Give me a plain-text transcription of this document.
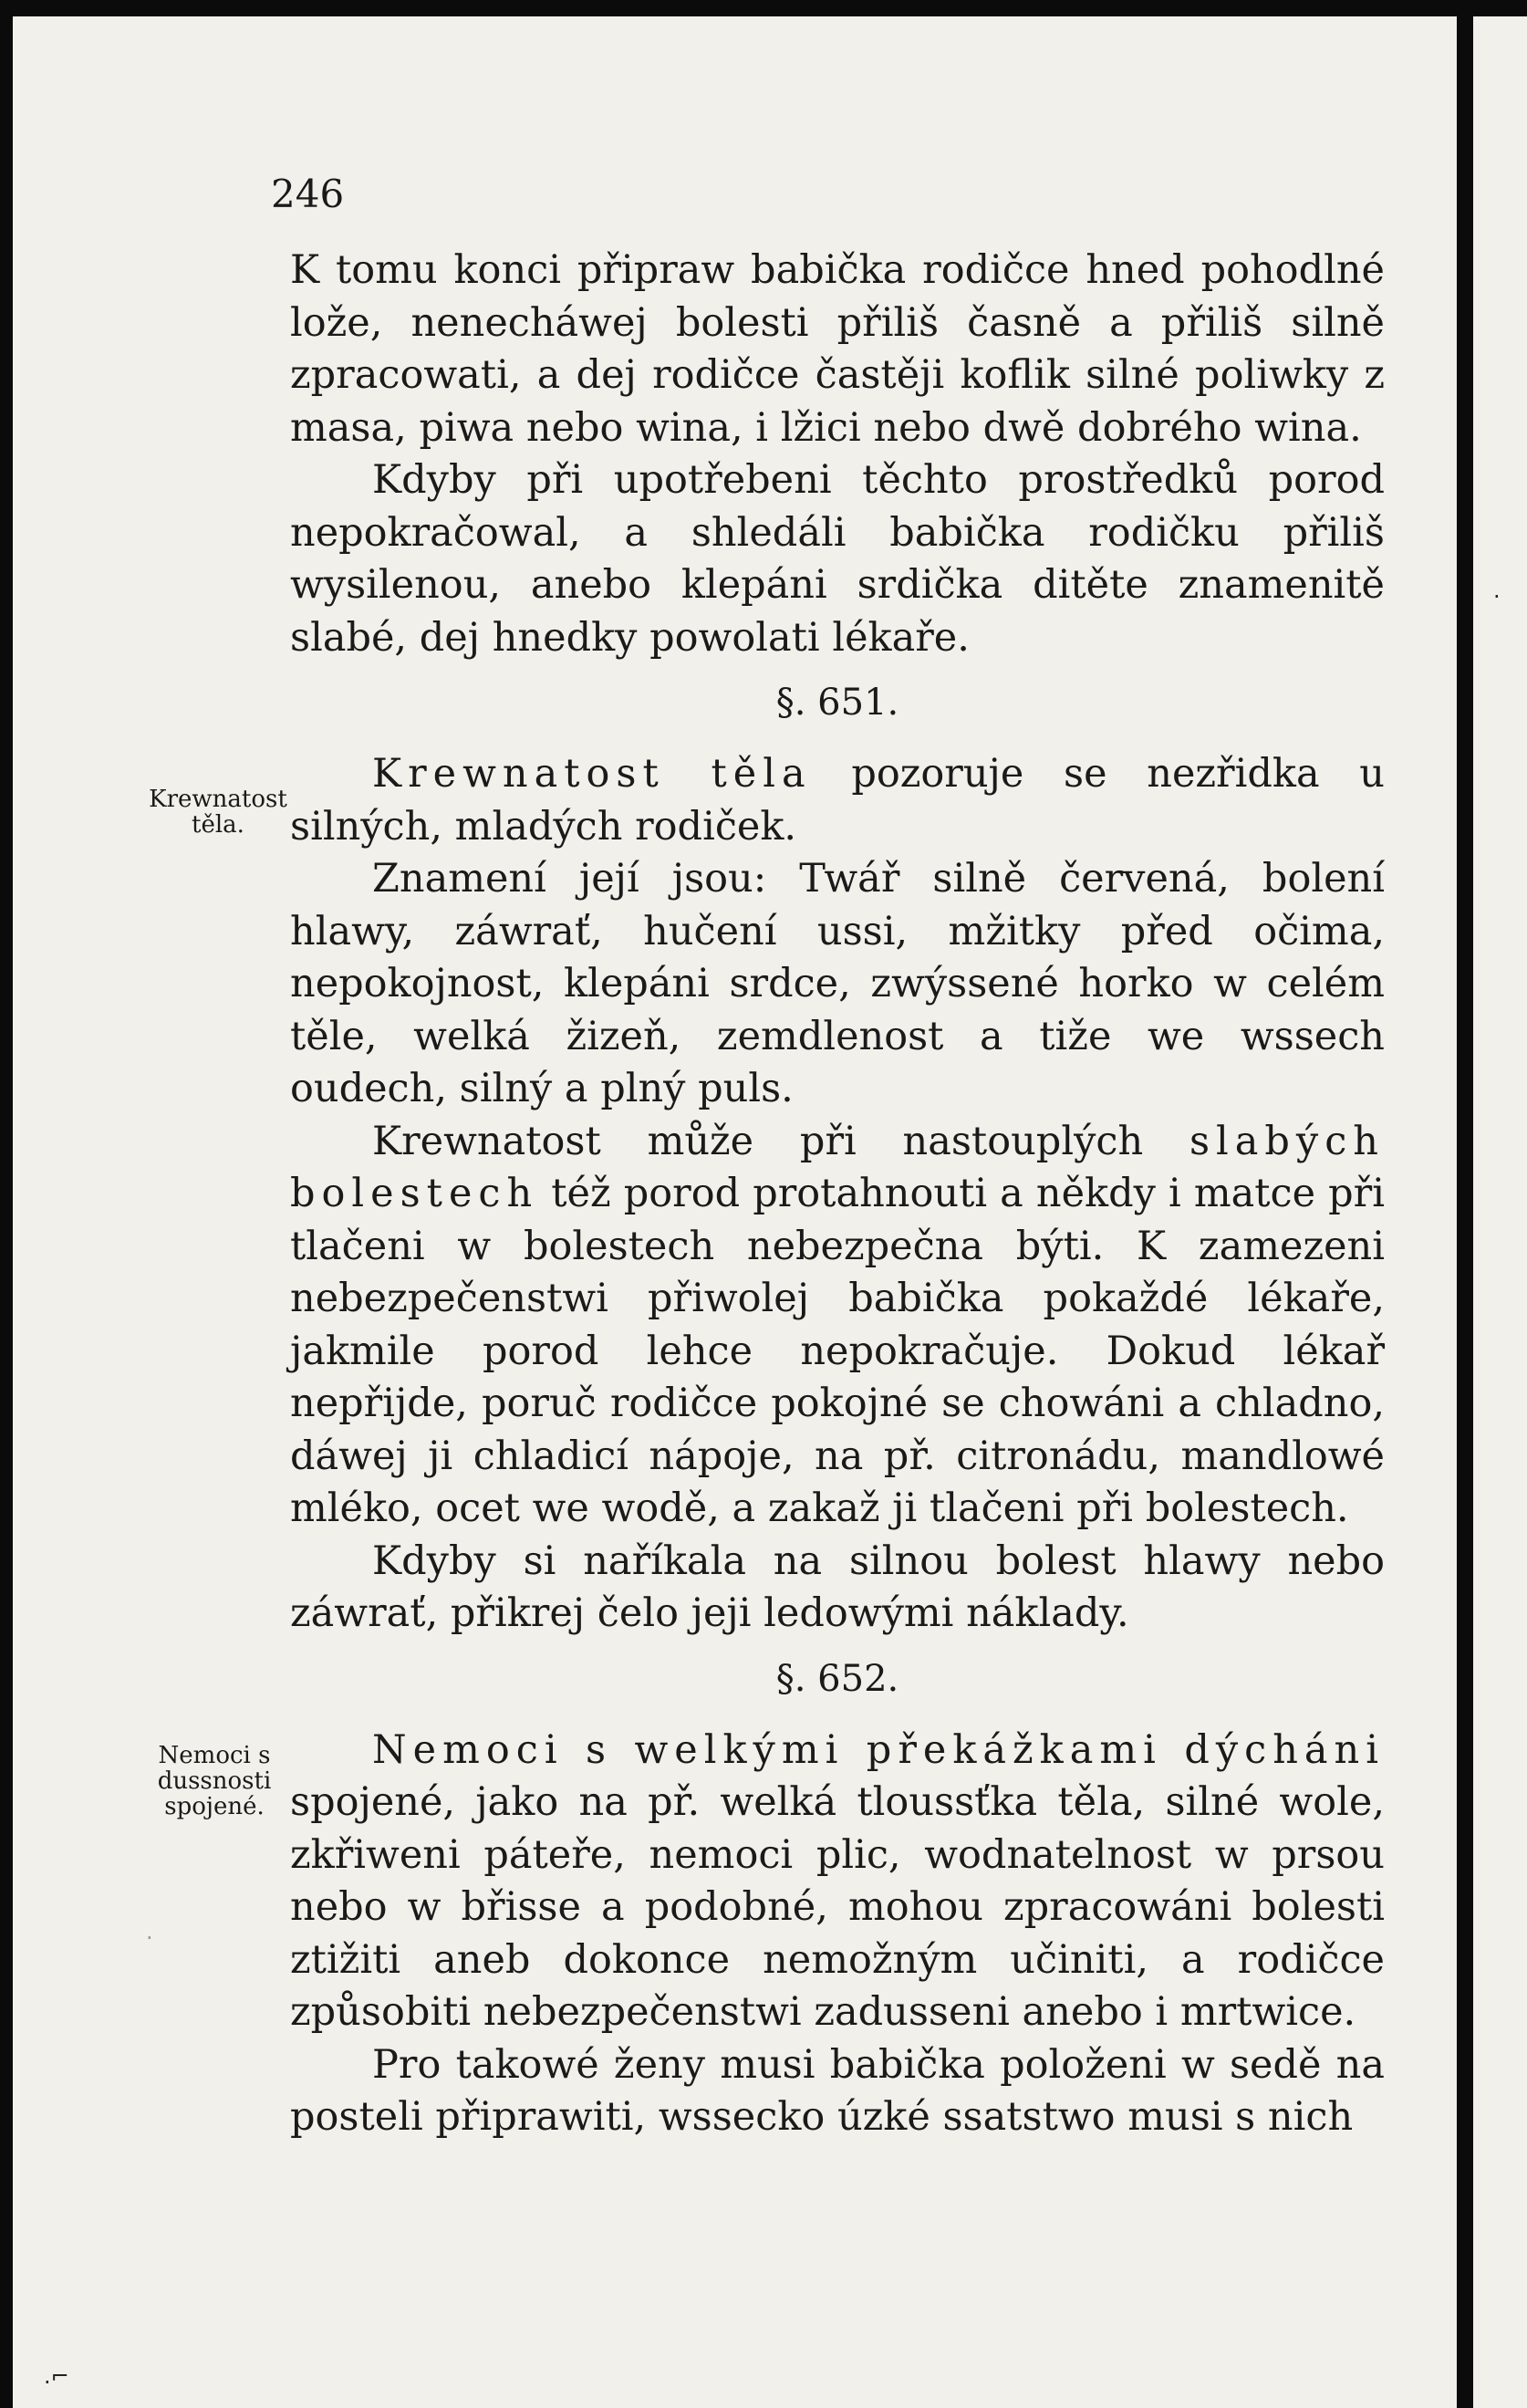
246

Krewnatost
těla.
Nemoci s
dussnosti
spojené.

K tomu konci připraw babička rodičce hned pohodlné lože, nenecháwej bolesti přiliš časně a přiliš silně zpracowati, a dej rodičce častěji koflik silné poliwky z masa, piwa nebo wina, i lžici nebo dwě dobrého wina.

Kdyby při upotřebeni těchto prostředků porod nepokračowal, a shledáli babička rodičku přiliš wysilenou, anebo klepáni srdička ditěte znamenitě slabé, dej hnedky powolati lékaře.

§. 651.

Krewnatost těla pozoruje se nezřidka u silných, mladých rodiček.

Znamení její jsou: Twář silně červená, bolení hlawy, záwrať, hučení ussi, mžitky před očima, nepokojnost, klepáni srdce, zwýssené horko w celém těle, welká žizeň, zemdlenost a tiže we wssech oudech, silný a plný puls.

Krewnatost může při nastouplých slabých bolestech též porod protahnouti a někdy i matce při tlačeni w bolestech nebezpečna býti. K zamezeni nebezpečenstwi přiwolej babička pokaždé lékaře, jakmile porod lehce nepokračuje. Dokud lékař nepřijde, poruč rodičce pokojné se chowáni a chladno, dáwej ji chladicí nápoje, na př. citronádu, mandlowé mléko, ocet we wodě, a zakaž ji tlačeni při bolestech.

Kdyby si naříkala na silnou bolest hlawy nebo záwrať, přikrej čelo jeji ledowými náklady.

§. 652.

Nemoci s welkými překážkami dýcháni spojené, jako na př. welká tloussťka těla, silné wole, zkřiweni páteře, nemoci plic, wodnatelnost w prsou nebo w břisse a podobné, mohou zpracowáni bolesti ztižiti aneb dokonce nemožným učiniti, a rodičce způsobiti nebezpečenstwi zadusseni anebo i mrtwice.

Pro takowé ženy musi babička položeni w sedě na posteli připrawiti, wssecko úzké ssatstwo musi s nich

·
·
.⌐
